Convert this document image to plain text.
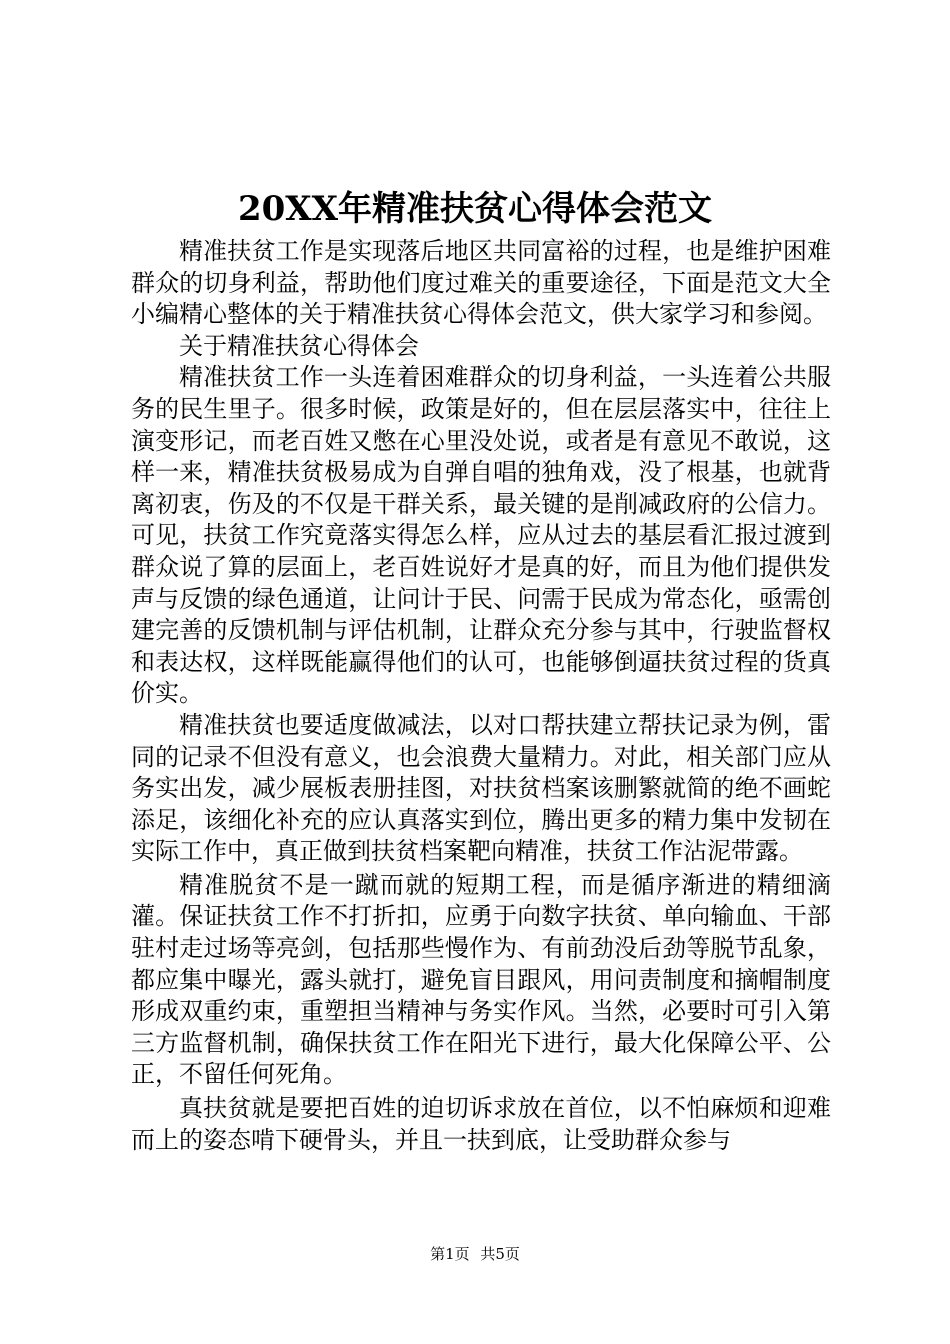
20XX年精准扶贫心得体会范文

精准扶贫工作是实现落后地区共同富裕的过程，也是维护困难群众的切身利益，帮助他们度过难关的重要途径，下面是范文大全小编精心整体的关于精准扶贫心得体会范文，供大家学习和参阅。

关于精准扶贫心得体会

精准扶贫工作一头连着困难群众的切身利益，一头连着公共服务的民生里子。很多时候，政策是好的，但在层层落实中，往往上演变形记，而老百姓又憋在心里没处说，或者是有意见不敢说，这样一来，精准扶贫极易成为自弹自唱的独角戏，没了根基，也就背离初衷，伤及的不仅是干群关系，最关键的是削减政府的公信力。可见，扶贫工作究竟落实得怎么样，应从过去的基层看汇报过渡到群众说了算的层面上，老百姓说好才是真的好，而且为他们提供发声与反馈的绿色通道，让问计于民、问需于民成为常态化，亟需创建完善的反馈机制与评估机制，让群众充分参与其中，行驶监督权和表达权，这样既能赢得他们的认可，也能够倒逼扶贫过程的货真价实。

精准扶贫也要适度做减法，以对口帮扶建立帮扶记录为例，雷同的记录不但没有意义，也会浪费大量精力。对此，相关部门应从务实出发，减少展板表册挂图，对扶贫档案该删繁就简的绝不画蛇添足，该细化补充的应认真落实到位，腾出更多的精力集中发韧在实际工作中，真正做到扶贫档案靶向精准，扶贫工作沾泥带露。

精准脱贫不是一蹴而就的短期工程，而是循序渐进的精细滴灌。保证扶贫工作不打折扣，应勇于向数字扶贫、单向输血、干部驻村走过场等亮剑，包括那些慢作为、有前劲没后劲等脱节乱象，都应集中曝光，露头就打，避免盲目跟风，用问责制度和摘帽制度形成双重约束，重塑担当精神与务实作风。当然，必要时可引入第三方监督机制，确保扶贫工作在阳光下进行，最大化保障公平、公正，不留任何死角。

真扶贫就是要把百姓的迫切诉求放在首位，以不怕麻烦和迎难而上的姿态啃下硬骨头，并且一扶到底，让受助群众参与

第1页 共5页
